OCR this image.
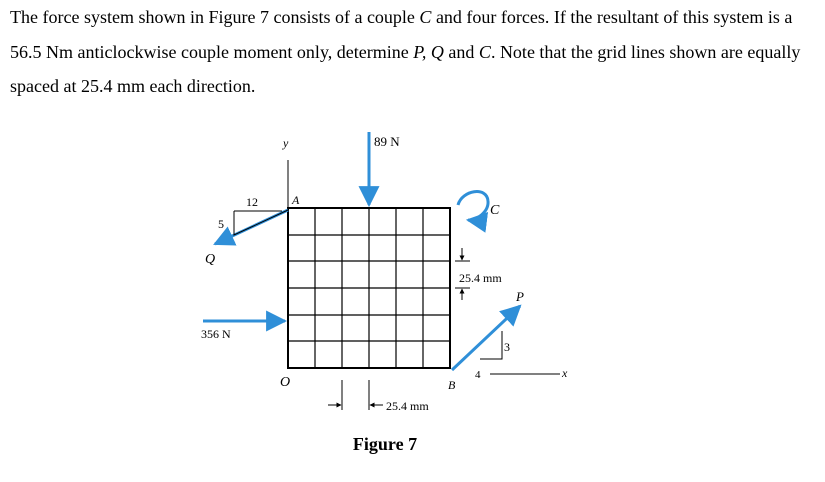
The force system shown in Figure 7 consists of a couple C and four forces. If the resultant of this system is a 56.5 Nm anticlockwise couple moment only, determine P, Q and C. Note that the grid lines shown are equally spaced at 25.4 mm each direction.

y
x
O
A
B
89 N
C
12
5
Q
356 N
3
4
P
25.4 mm
25.4 mm
Figure 7
